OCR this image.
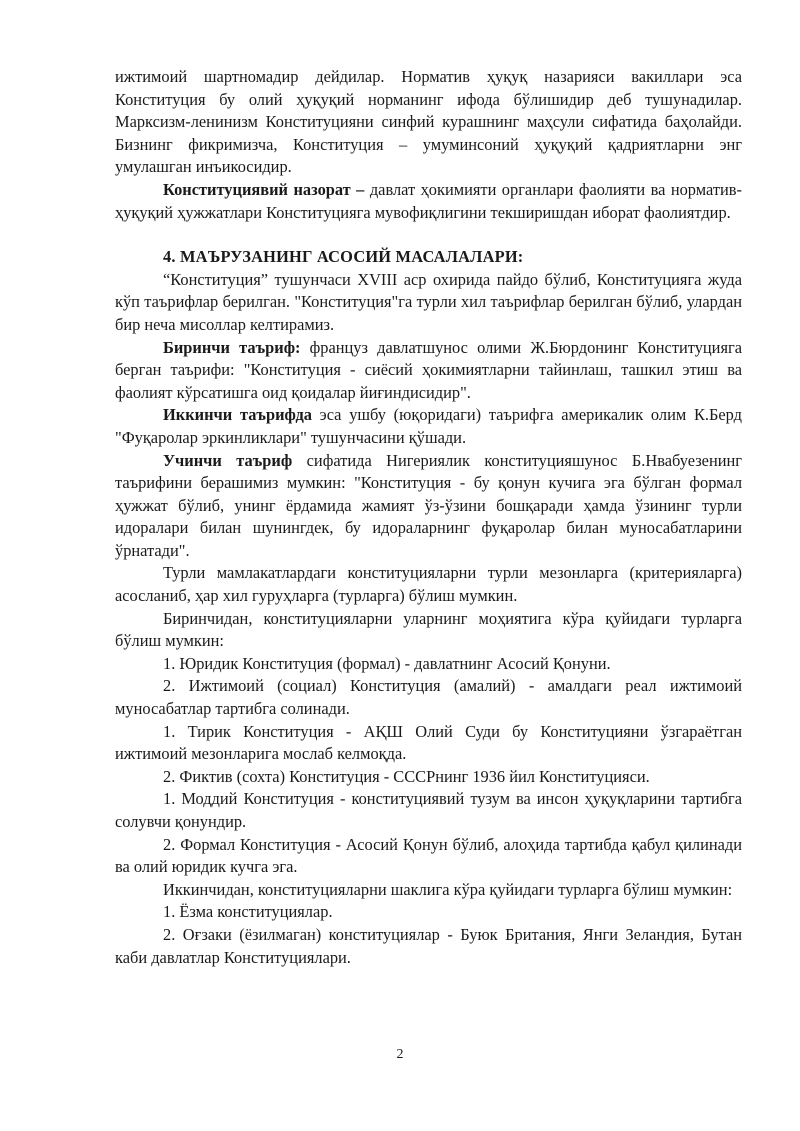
ижтимоий шартномадир дейдилар. Норматив ҳуқуқ назарияси вакиллари эса Конституция бу олий ҳуқуқий норманинг ифода бўлишидир деб тушунадилар. Марксизм-ленинизм Конституцияни синфий курашнинг маҳсули сифатида баҳолайди. Бизнинг фикримизча, Конституция – умуминсоний ҳуқуқий қадриятларни энг умулашган инъикосидир.

Конституциявий назорат – давлат ҳокимияти органлари фаолияти ва норматив-ҳуқуқий ҳужжатлари Конституцияга мувофиқлигини текширишдан иборат фаолиятдир.

4. МАЪРУЗАНИНГ АСОСИЙ МАСАЛАЛАРИ:

“Конституция” тушунчаси XVIII аср охирида пайдо бўлиб, Конституцияга жуда кўп таърифлар берилган. "Конституция"га турли хил таърифлар берилган бўлиб, улардан бир неча мисоллар келтирамиз.

Биринчи таъриф: француз давлатшунос олими Ж.Бюрдонинг Конституцияга берган таърифи: "Конституция - сиёсий ҳокимиятларни тайинлаш, ташкил этиш ва фаолият кўрсатишга оид қоидалар йиғиндисидир".

Иккинчи таърифда эса ушбу (юқоридаги) таърифга америкалик олим К.Берд "Фуқаролар эркинликлари" тушунчасини қўшади.

Учинчи таъриф сифатида Нигериялик конституцияшунос Б.Нвабуезенинг таърифини берашимиз мумкин: "Конституция - бу қонун кучига эга бўлган формал ҳужжат бўлиб, унинг ёрдамида жамият ўз-ўзини бошқаради ҳамда ўзининг турли идоралари билан шунингдек, бу идораларнинг фуқаролар билан муносабатларини ўрнатади".

Турли мамлакатлардаги конституцияларни турли мезонларга (критерияларга) асосланиб, ҳар хил гуруҳларга (турларга) бўлиш мумкин.

Биринчидан, конституцияларни уларнинг моҳиятига кўра қуйидаги турларга бўлиш мумкин:

1. Юридик Конституция (формал) - давлатнинг Асосий Қонуни.

2. Ижтимоий (социал) Конституция (амалий) - амалдаги реал ижтимоий муносабатлар тартибга солинади.

1. Тирик Конституция - АҚШ Олий Суди бу Конституцияни ўзгараётган ижтимоий мезонларига мослаб келмоқда.

2. Фиктив (сохта) Конституция - СССРнинг 1936 йил Конституцияси.

1. Моддий Конституция - конституциявий тузум ва инсон ҳуқуқларини тартибга солувчи қонундир.

2. Формал Конституция - Асосий Қонун бўлиб, алоҳида тартибда қабул қилинади ва олий юридик кучга эга.

Иккинчидан, конституцияларни шаклига кўра қуйидаги турларга бўлиш мумкин:

1. Ёзма конституциялар.

2. Оғзаки (ёзилмаган) конституциялар - Буюк Британия, Янги Зеландия, Бутан каби давлатлар Конституциялари.

2
